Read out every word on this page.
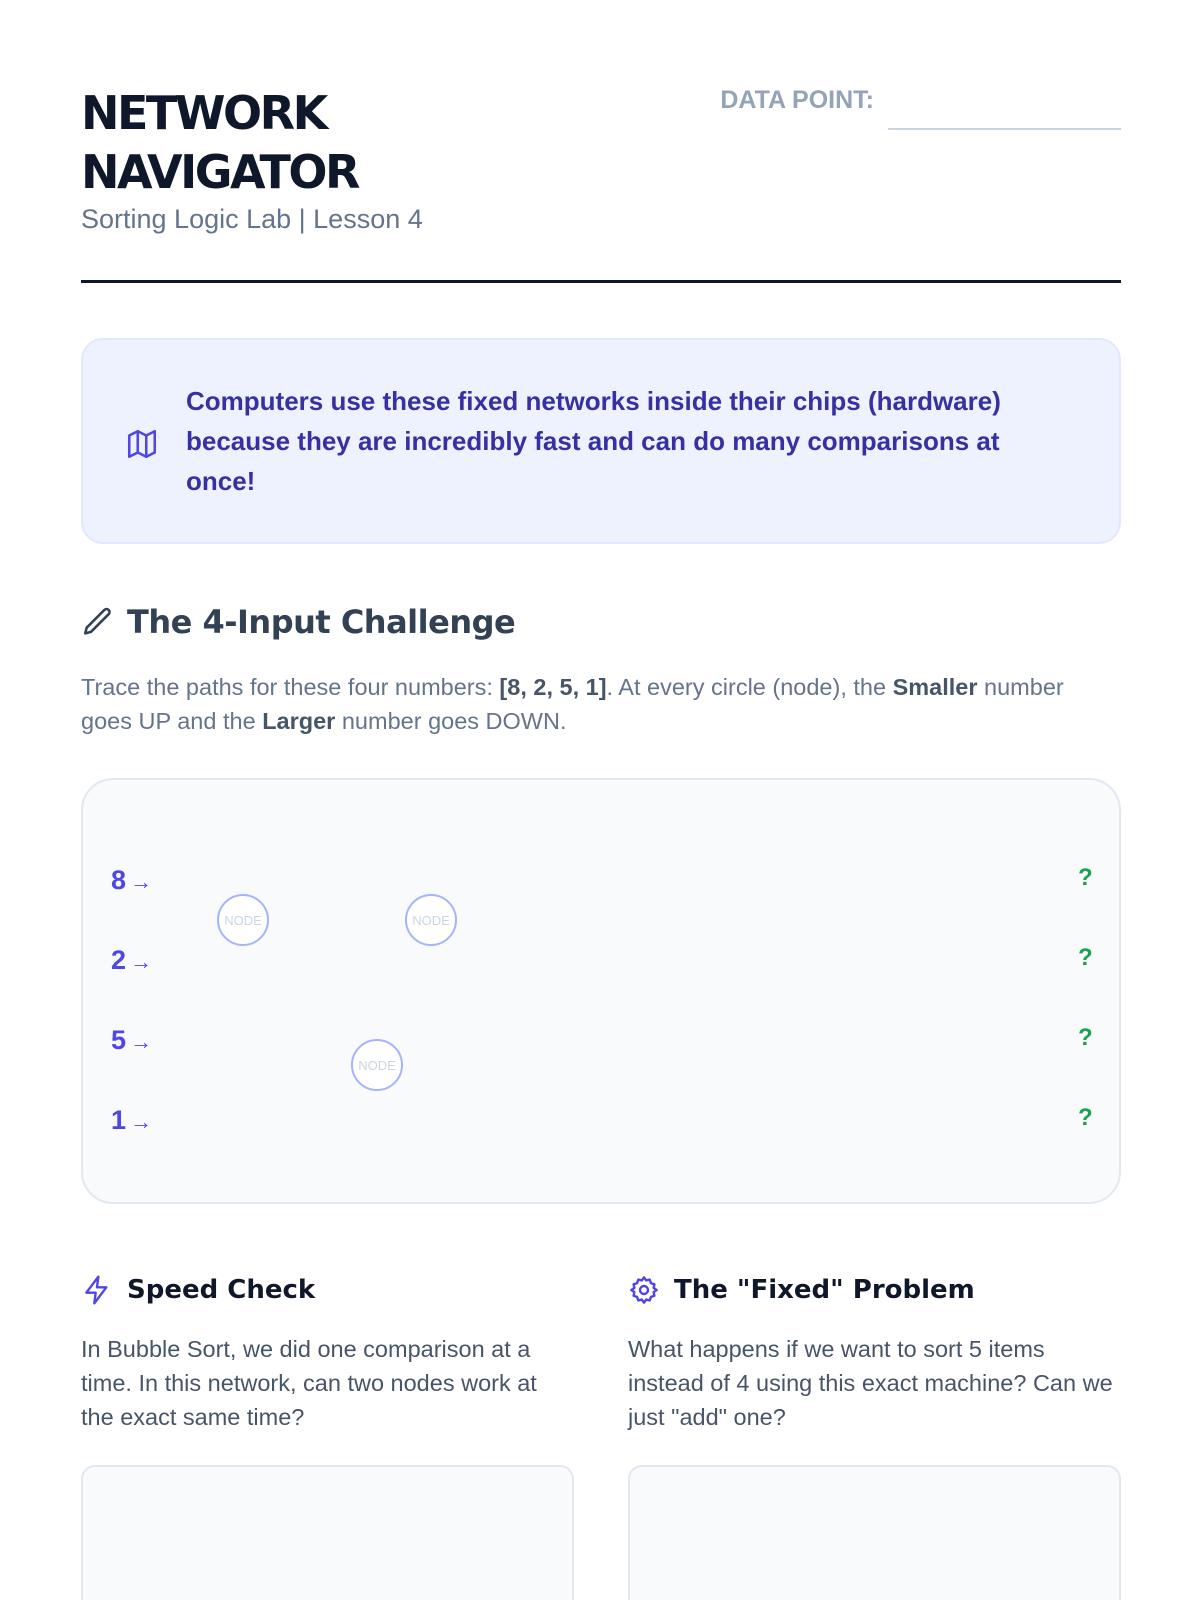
NETWORK NAVIGATOR
Sorting Logic Lab | Lesson 4
DATA POINT:
Computers use these fixed networks inside their chips (hardware) because they are incredibly fast and can do many comparisons at once!
The 4-Input Challenge

Trace the paths for these four numbers: [8, 2, 5, 1]. At every circle (node), the Smaller number goes UP and the Larger number goes DOWN.

8 →
2 →
5 →
1 →
?
?
?
?
NODE	NODE
NODE
Speed Check

In Bubble Sort, we did one comparison at a time. In this network, can two nodes work at the exact same time?

The "Fixed" Problem

What happens if we want to sort 5 items instead of 4 using this exact machine? Can we just "add" one?
